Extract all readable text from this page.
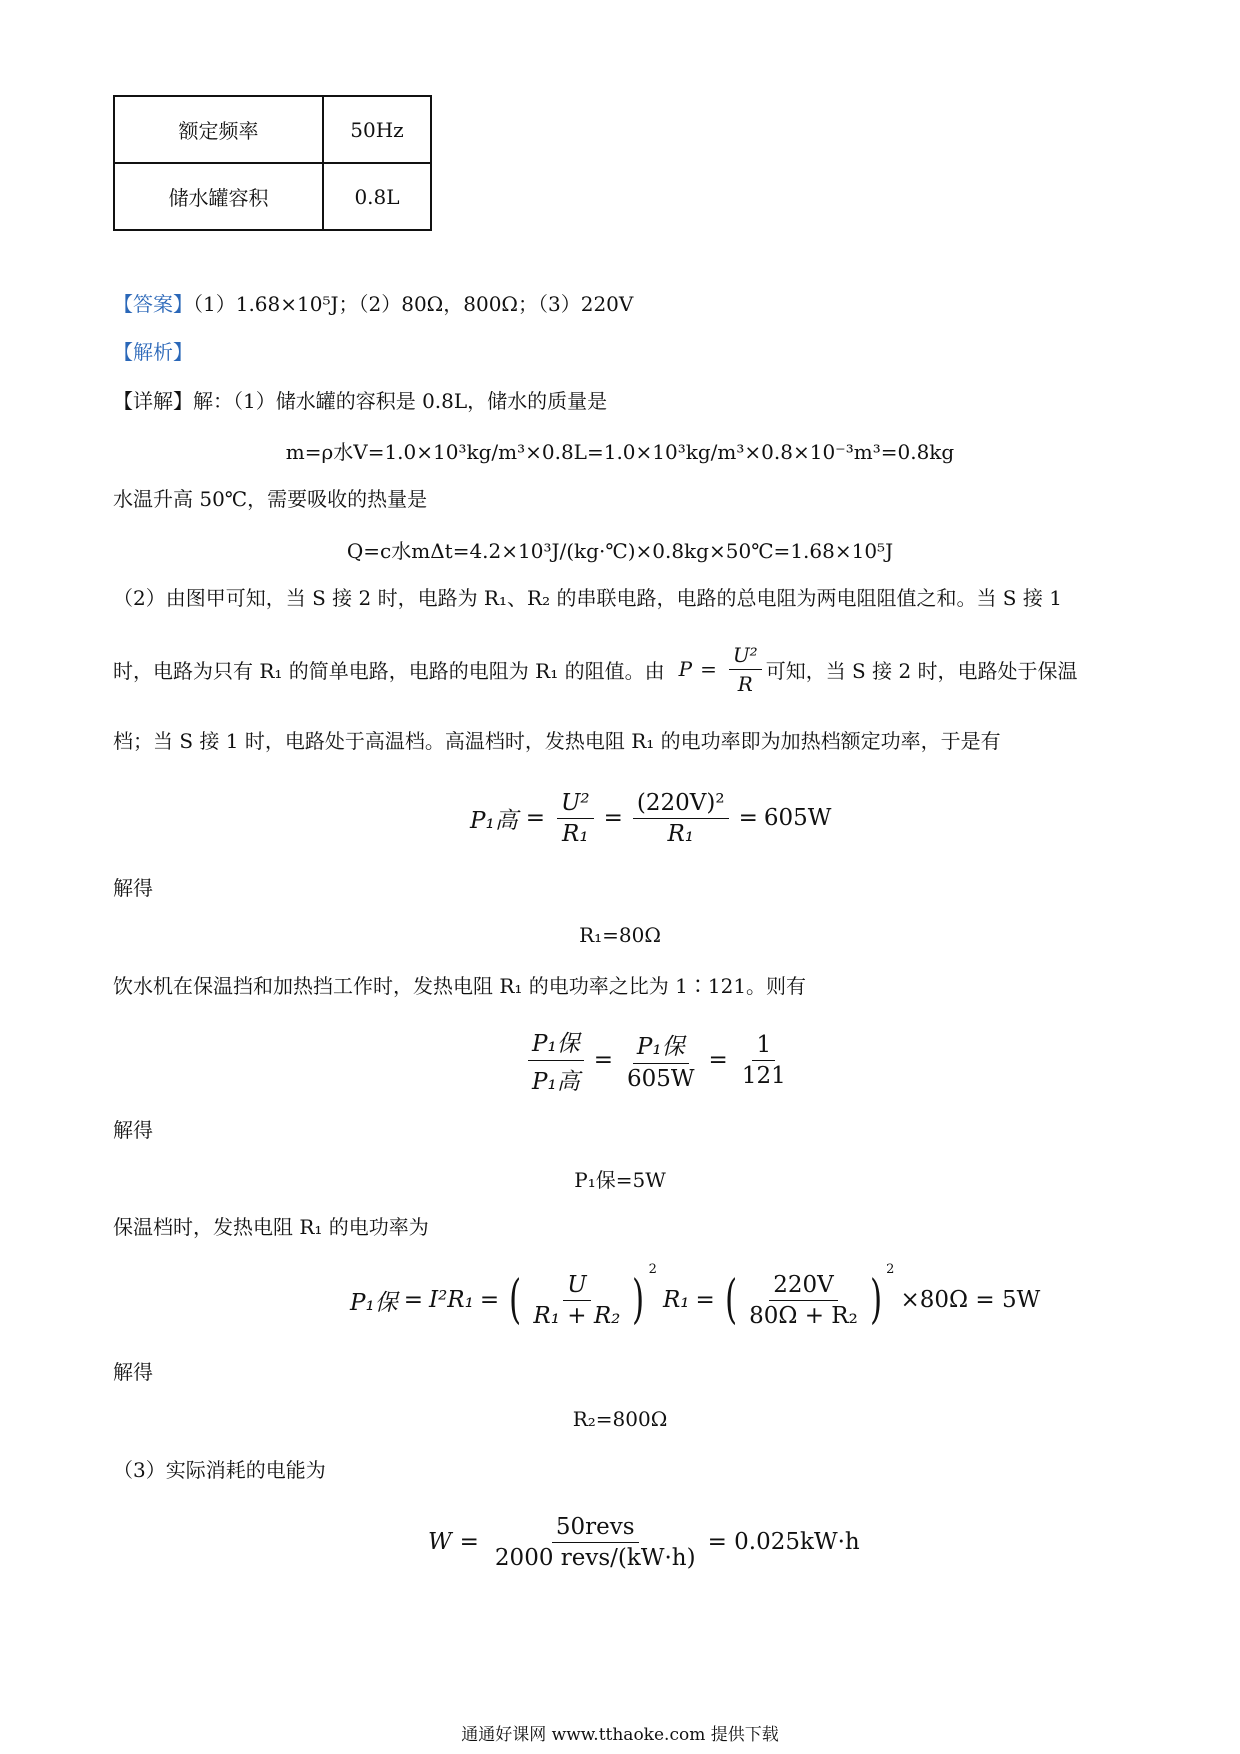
额定频率	50Hz
储水罐容积	0.8L
【答案】（1）1.68×10⁵J；（2）80Ω，800Ω；（3）220V
【解析】
【详解】解：（1）储水罐的容积是 0.8L，储水的质量是
m=ρ水V=1.0×10³kg/m³×0.8L=1.0×10³kg/m³×0.8×10⁻³m³=0.8kg
水温升高 50℃，需要吸收的热量是
Q=c水mΔt=4.2×10³J/(kg·℃)×0.8kg×50℃=1.68×10⁵J
（2）由图甲可知，当 S 接 2 时，电路为 R₁、R₂ 的串联电路，电路的总电阻为两电阻阻值之和。当 S 接 1
时，电路为只有 R₁ 的简单电路，电路的电阻为 R₁ 的阻值。由 $P = \frac{\text{U²}}{R}$ 可知，当 S 接 2 时，电路处于保温
档；当 S 接 1 时，电路处于高温档。高温档时，发热电阻 R₁ 的电功率即为加热档额定功率，于是有
P₁高 = $\frac{\text{U²}}{\text{R₁}} = \frac{\text{(220V)²}}{\text{R₁}} = 605W$
解得
R₁=80Ω
饮水机在保温挡和加热挡工作时，发热电阻 R₁ 的电功率之比为 1∶121。则有
$\frac{\text{P₁保}}{\text{P₁高}} = \frac{\text{P₁保}}{605W} = \frac{1}{121}$
解得
P₁保=5W
保温档时，发热电阻 R₁ 的电功率为
P₁保 = I²R₁ = ( $\frac{U}{\text{R₁ + R₂}}$ )
$^2$
R₁ = ( $\frac{220V}{\text{80Ω + R₂}}$ )
$^2$
×80Ω = 5W
解得
R₂=800Ω
（3）实际消耗的电能为
$W = \frac{\text{50revs}}{\text{2000 revs/(kW·h)}} = 0.025kW\cdot h$
通通好课网 www.tthaoke.com 提供下载
